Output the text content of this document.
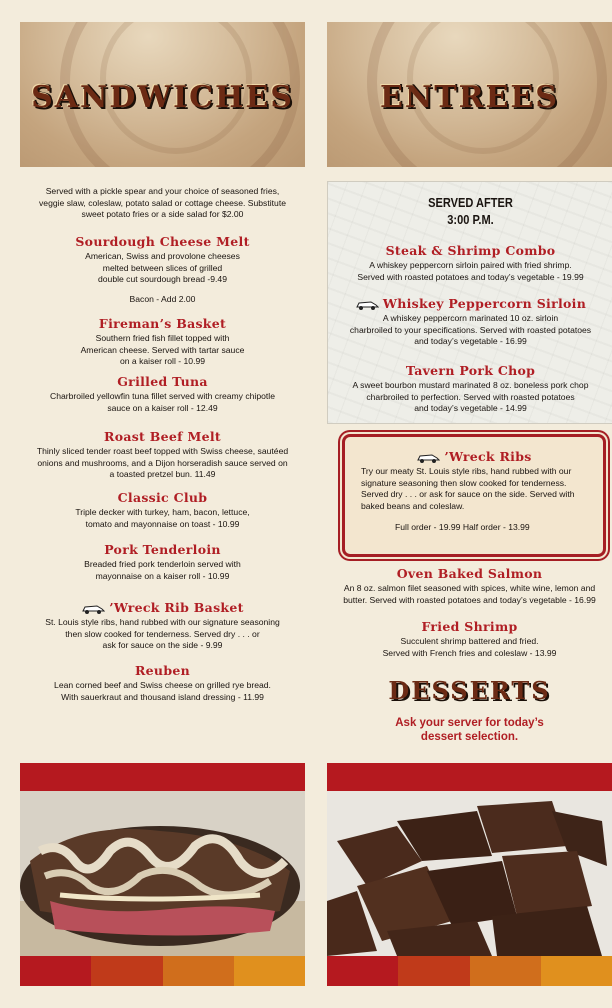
SANDWICHES

Served with a pickle spear and your choice of seasoned fries,

veggie slaw, coleslaw, potato salad or cottage cheese. Substitute

sweet potato fries or a side salad for $2.00

Sourdough Cheese Melt

American, Swiss and provolone cheeses

melted between slices of grilled

double cut sourdough bread -9.49

Bacon - Add 2.00

Fireman’s Basket

Southern fried fish fillet topped with

American cheese. Served with tartar sauce

on a kaiser roll - 10.99

Grilled Tuna

Charbroiled yellowfin tuna fillet served with creamy chipotle

sauce on a kaiser roll - 12.49

Roast Beef Melt

Thinly sliced tender roast beef topped with Swiss cheese, sautéed

onions and mushrooms, and a Dijon horseradish sauce served on

a toasted pretzel bun. 11.49

Classic Club

Triple decker with turkey, ham, bacon, lettuce,

tomato and mayonnaise on toast - 10.99

Pork Tenderloin

Breaded fried pork tenderloin served with

mayonnaise on a kaiser roll - 10.99

’Wreck Rib Basket

St. Louis style ribs, hand rubbed with our signature seasoning

then slow cooked for tenderness. Served dry . . . or

ask for sauce on the side - 9.99

Reuben

Lean corned beef and Swiss cheese on grilled rye bread.

With sauerkraut and thousand island dressing - 11.99

ENTREES
SERVED AFTER
3:00 P.M.
Steak & Shrimp Combo

A whiskey peppercorn sirloin paired with fried shrimp.

Served with roasted potatoes and today’s vegetable - 19.99

Whiskey Peppercorn Sirloin

A whiskey peppercorn marinated 10 oz. sirloin

charbroiled to your specifications. Served with roasted potatoes

and today’s vegetable - 16.99

Tavern Pork Chop

A sweet bourbon mustard marinated 8 oz. boneless pork chop

charbroiled to perfection. Served with roasted potatoes

and today’s vegetable - 14.99

’Wreck Ribs

Try our meaty St. Louis style ribs, hand rubbed with our

signature seasoning then slow cooked for tenderness.

Served dry . . . or ask for sauce on the side. Served with

baked beans and coleslaw.

Full order - 19.99 Half order - 13.99

Oven Baked Salmon

An 8 oz. salmon filet seasoned with spices, white wine, lemon and

butter. Served with roasted potatoes and today’s vegetable - 16.99

Fried Shrimp

Succulent shrimp battered and fried.

Served with French fries and coleslaw - 13.99

DESSERTS
Ask your server for today’s
dessert selection.
